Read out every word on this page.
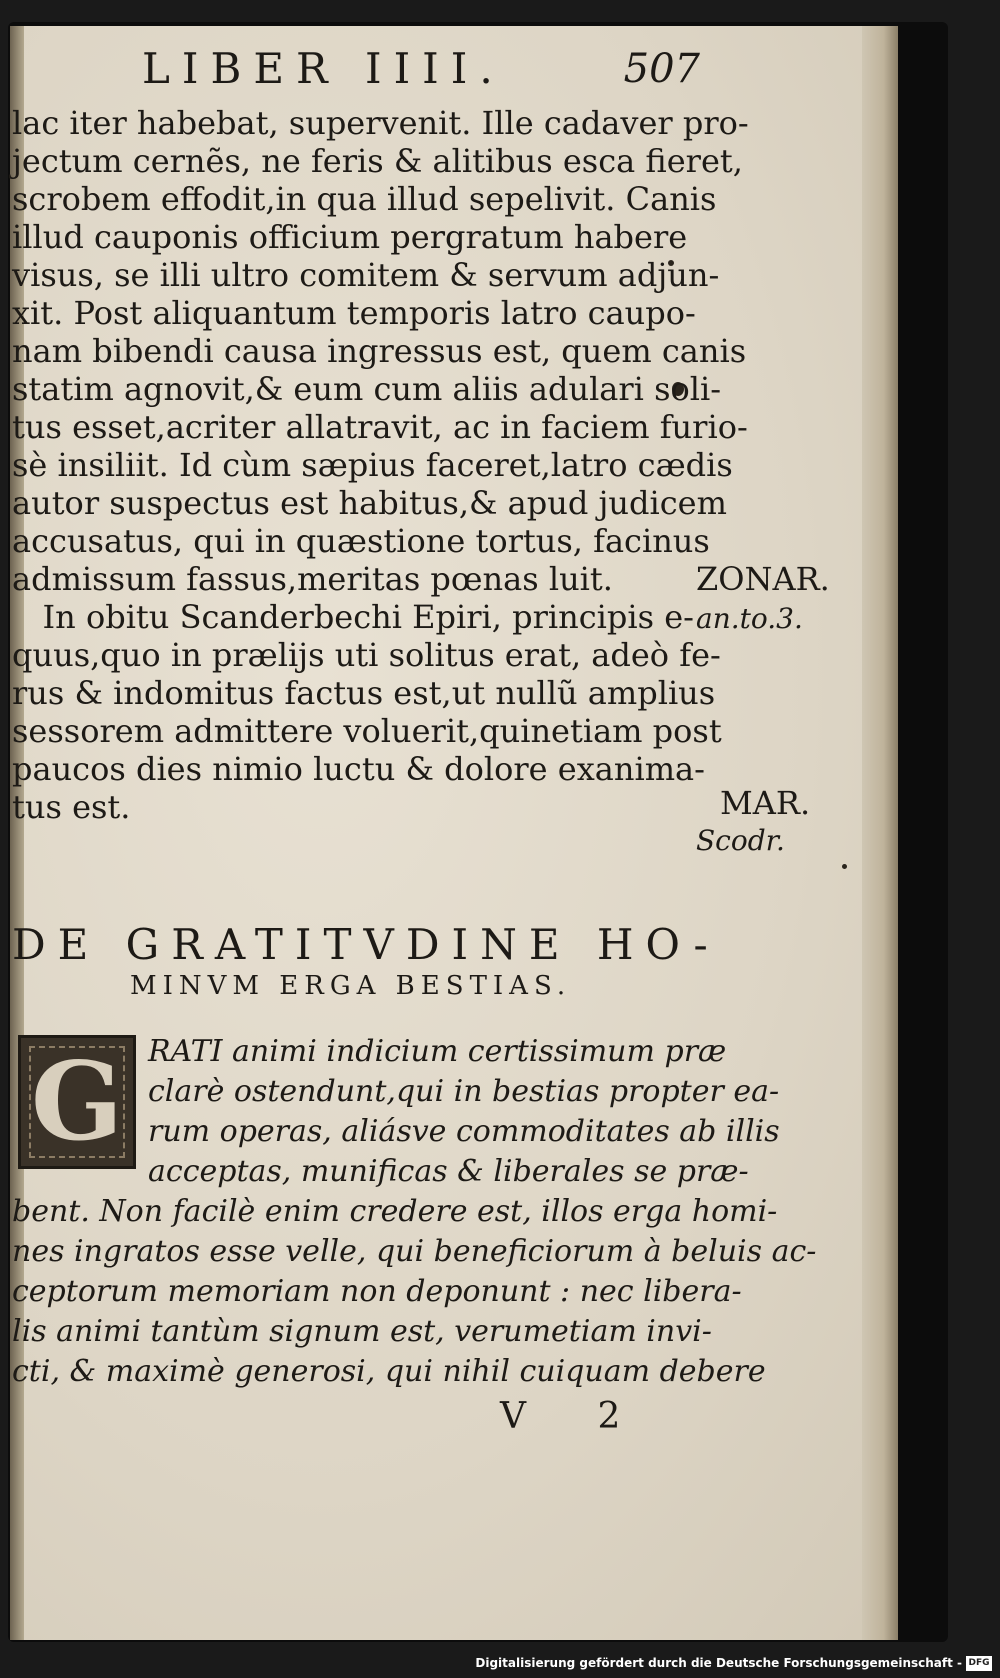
LIBER IIII.	507
lac iter habebat, supervenit. Ille cadaver pro-
jectum cernẽs, ne feris & alitibus esca fieret,
scrobem effodit,in qua illud sepelivit. Canis
illud cauponis officium pergratum habere
visus, se illi ultro comitem & servum adjun-
xit. Post aliquantum temporis latro caupo-
nam bibendi causa ingressus est, quem canis
statim agnovit,& eum cum aliis adulari soli-
tus esset,acriter allatravit, ac in faciem furio-
sè insiliit. Id cùm sæpius faceret,latro cædis
autor suspectus est habitus,& apud judicem
accusatus, qui in quæstione tortus, facinus
admissum fassus,meritas pœnas luit.
In obitu Scanderbechi Epiri, principis e-
quus,quo in prælijs uti solitus erat, adeò fe-
rus & indomitus factus est,ut nullũ amplius
sessorem admittere voluerit,quinetiam post
paucos dies nimio luctu & dolore exanima-
tus est.
ZONAR.
an.to.3.
MAR.
Scodr.
DE GRATITVDINE HO-
MINVM ERGA BESTIAS.
G RATI animi indicium certissimum præ
clarè ostendunt,qui in bestias propter ea-
rum operas, aliásve commoditates ab illis
acceptas, munificas & liberales se præ-
bent. Non facilè enim credere est, illos erga homi-
nes ingratos esse velle, qui beneficiorum à beluis ac-
ceptorum memoriam non deponunt : nec libera-
lis animi tantùm signum est, verumetiam invi-
cti, & maximè generosi, qui nihil cuiquam debere
V 2
Digitalisierung gefördert durch die Deutsche Forschungsgemeinschaft - DFG
